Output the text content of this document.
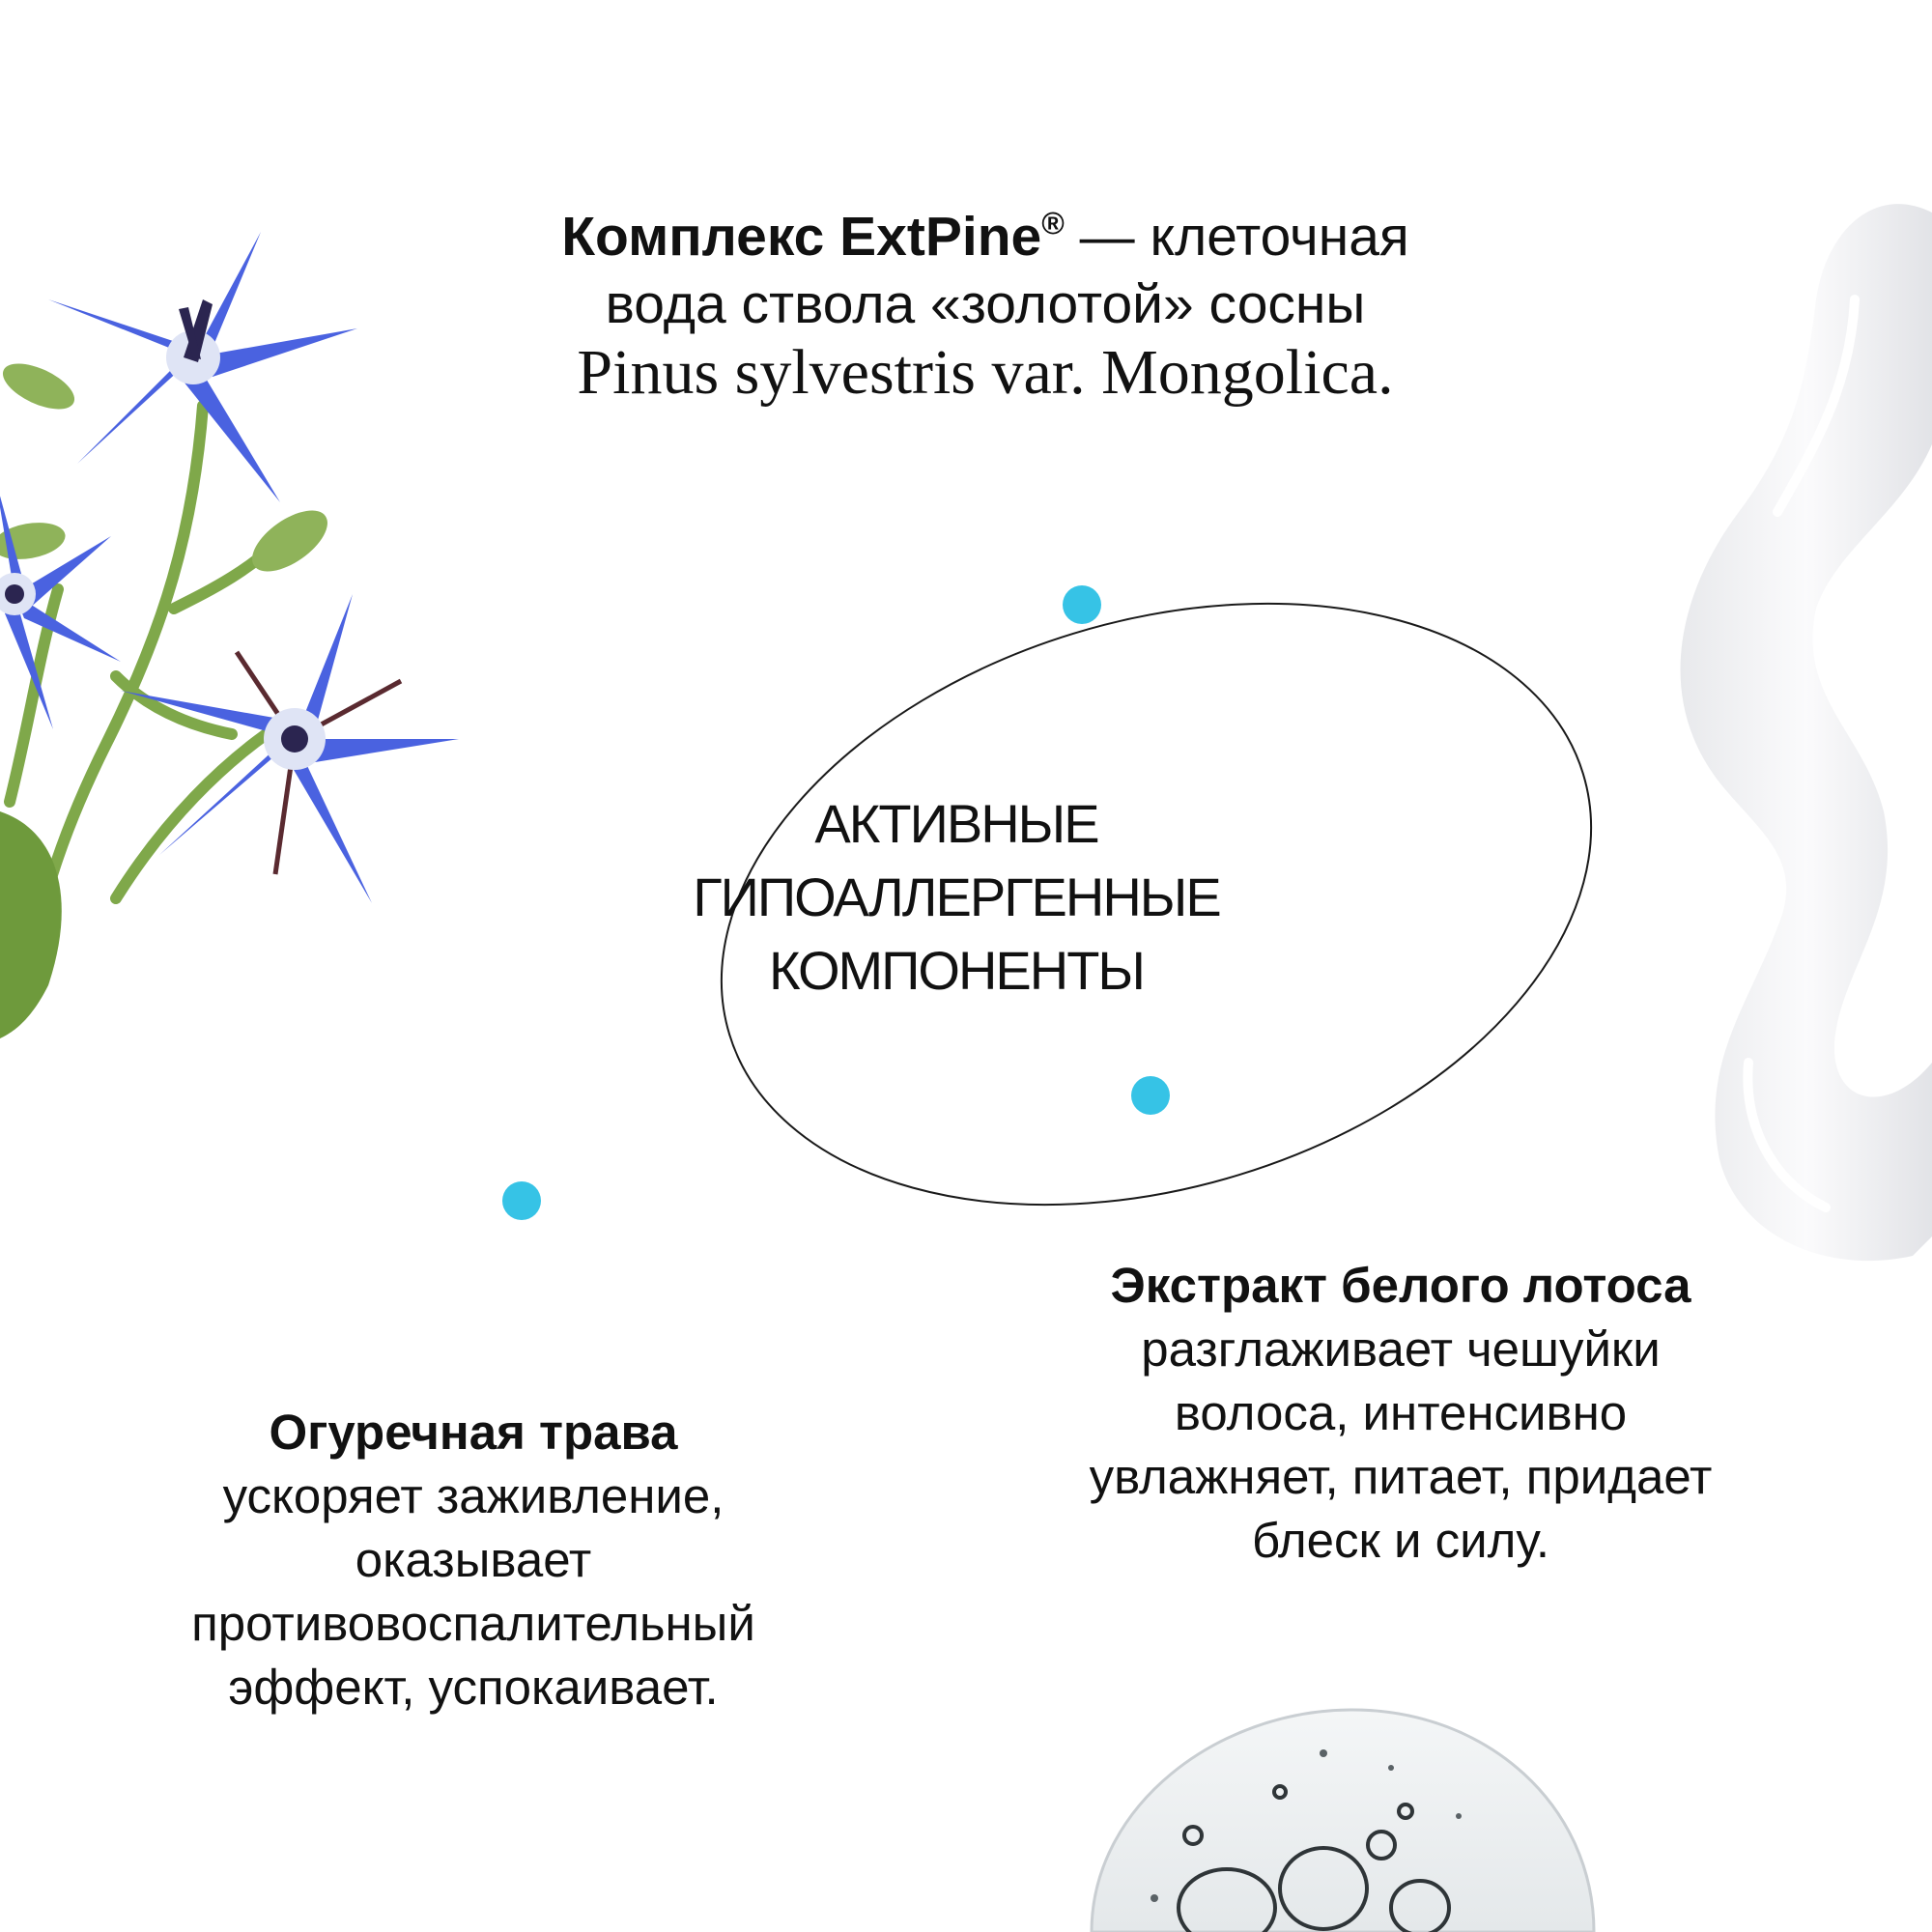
Комплекс ExtPine® — клеточная
вода ствола «золотой» сосны
Pinus sylvestris var. Mongolica.
АКТИВНЫЕ
ГИПОАЛЛЕРГЕННЫЕ
КОМПОНЕНТЫ
Экстракт белого лотоса
разглаживает чешуйки
волоса, интенсивно
увлажняет, питает, придает
блеск и силу.
Огуречная трава
ускоряет заживление,
оказывает
противовоспалительный
эффект, успокаивает.
